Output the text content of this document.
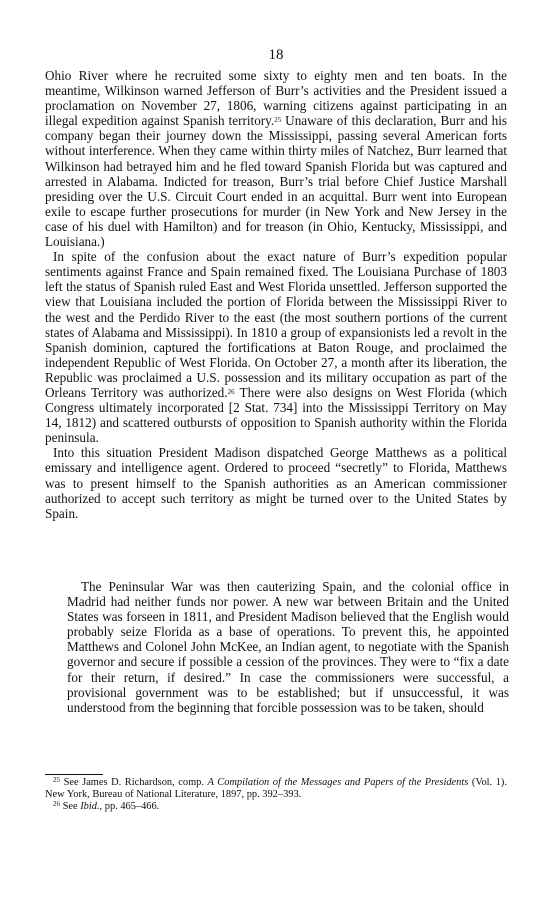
18

Ohio River where he recruited some sixty to eighty men and ten boats. In the meantime, Wilkinson warned Jefferson of Burr’s activities and the President issued a proclamation on November 27, 1806, warning citizens against participating in an illegal expedition against Spanish territory.$^{25}$ Unaware of this declaration, Burr and his company began their journey down the Mississippi, passing several American forts without interference. When they came within thirty miles of Natchez, Burr learned that Wilkinson had betrayed him and he fled toward Spanish Florida but was captured and arrested in Alabama. Indicted for treason, Burr’s trial before Chief Justice Marshall presiding over the U.S. Circuit Court ended in an acquittal. Burr went into European exile to escape further prosecutions for murder (in New York and New Jersey in the case of his duel with Hamilton) and for treason (in Ohio, Kentucky, Mississippi, and Louisiana.)

In spite of the confusion about the exact nature of Burr’s expedition popular sentiments against France and Spain remained fixed. The Louisiana Purchase of 1803 left the status of Spanish ruled East and West Florida unsettled. Jefferson supported the view that Louisiana included the portion of Florida between the Mississippi River to the west and the Perdido River to the east (the most southern portions of the current states of Alabama and Mississippi). In 1810 a group of expansionists led a revolt in the Spanish dominion, captured the fortifications at Baton Rouge, and proclaimed the independent Republic of West Florida. On October 27, a month after its liberation, the Republic was proclaimed a U.S. possession and its military occupation as part of the Orleans Territory was authorized.$^{26}$ There were also designs on West Florida (which Congress ultimately incorporated [2 Stat. 734] into the Mississippi Territory on May 14, 1812) and scattered outbursts of opposition to Spanish authority within the Florida peninsula.

Into this situation President Madison dispatched George Matthews as a political emissary and intelligence agent. Ordered to proceed “secretly” to Florida, Matthews was to present himself to the Spanish authorities as an American commissioner authorized to accept such territory as might be turned over to the United States by Spain.

The Peninsular War was then cauterizing Spain, and the colonial office in Madrid had neither funds nor power. A new war between Britain and the United States was forseen in 1811, and President Madison believed that the English would probably seize Florida as a base of operations. To prevent this, he appointed Matthews and Colonel John McKee, an Indian agent, to negotiate with the Spanish governor and secure if possible a cession of the provinces. They were to “fix a date for their return, if desired.” In case the commissioners were successful, a provisional government was to be established; but if unsuccessful, it was understood from the beginning that forcible possession was to be taken, should

$^{25}$ See James D. Richardson, comp. A Compilation of the Messages and Papers of the Presidents (Vol. 1). New York, Bureau of National Literature, 1897, pp. 392–393.

$^{26}$ See Ibid., pp. 465–466.
